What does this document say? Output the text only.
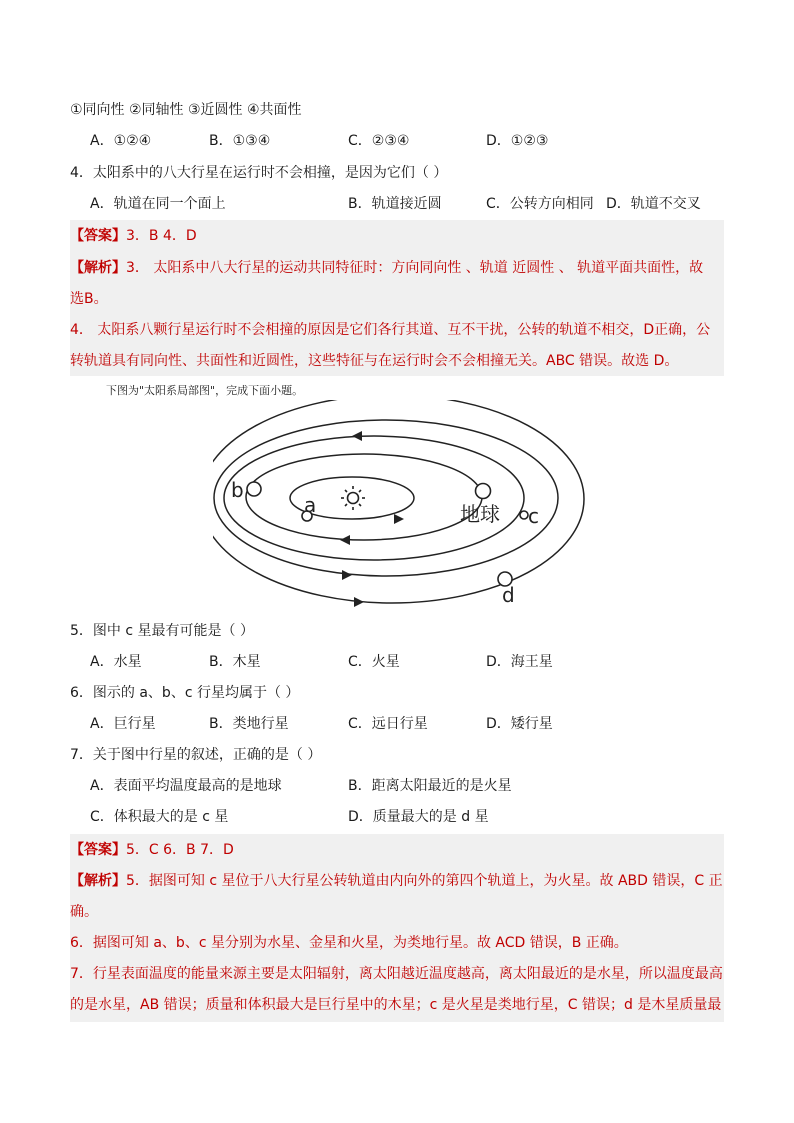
①同向性 ②同轴性 ③近圆性 ④共面性
A．①②④	B．①③④	C．②③④	D．①②③
4．太阳系中的八大行星在运行时不会相撞，是因为它们（ ）
A．轨道在同一个面上	B．轨道接近圆	C．公转方向相同 D．轨道不交叉
【答案】3．B 4．D
【解析】3． 太阳系中八大行星的运动共同特征时：方向同向性 、轨道 近圆性 、 轨道平面共面性，故
选B。
4． 太阳系八颗行星运行时不会相撞的原因是它们各行其道、互不干扰，公转的轨道不相交，D正确，公
转轨道具有同向性、共面性和近圆性，这些特征与在运行时会不会相撞无关。ABC 错误。故选 D。
下图为"太阳系局部图"，完成下面小题。
a
b
地球 c
d
5．图中 c 星最有可能是（ ）
A．水星	B．木星	C．火星	D．海王星
6．图示的 a、b、c 行星均属于（ ）
A．巨行星	B．类地行星	C．远日行星	D．矮行星
7．关于图中行星的叙述，正确的是（ ）
A．表面平均温度最高的是地球	B．距离太阳最近的是火星
C．体积最大的是 c 星	D．质量最大的是 d 星
【答案】5．C 6．B 7．D
【解析】5．据图可知 c 星位于八大行星公转轨道由内向外的第四个轨道上，为火星。故 ABD 错误，C 正
确。
6．据图可知 a、b、c 星分别为水星、金星和火星，为类地行星。故 ACD 错误，B 正确。
7．行星表面温度的能量来源主要是太阳辐射，离太阳越近温度越高，离太阳最近的是水星，所以温度最高
的是水星，AB 错误；质量和体积最大是巨行星中的木星；c 是火星是类地行星，C 错误；d 是木星质量最
